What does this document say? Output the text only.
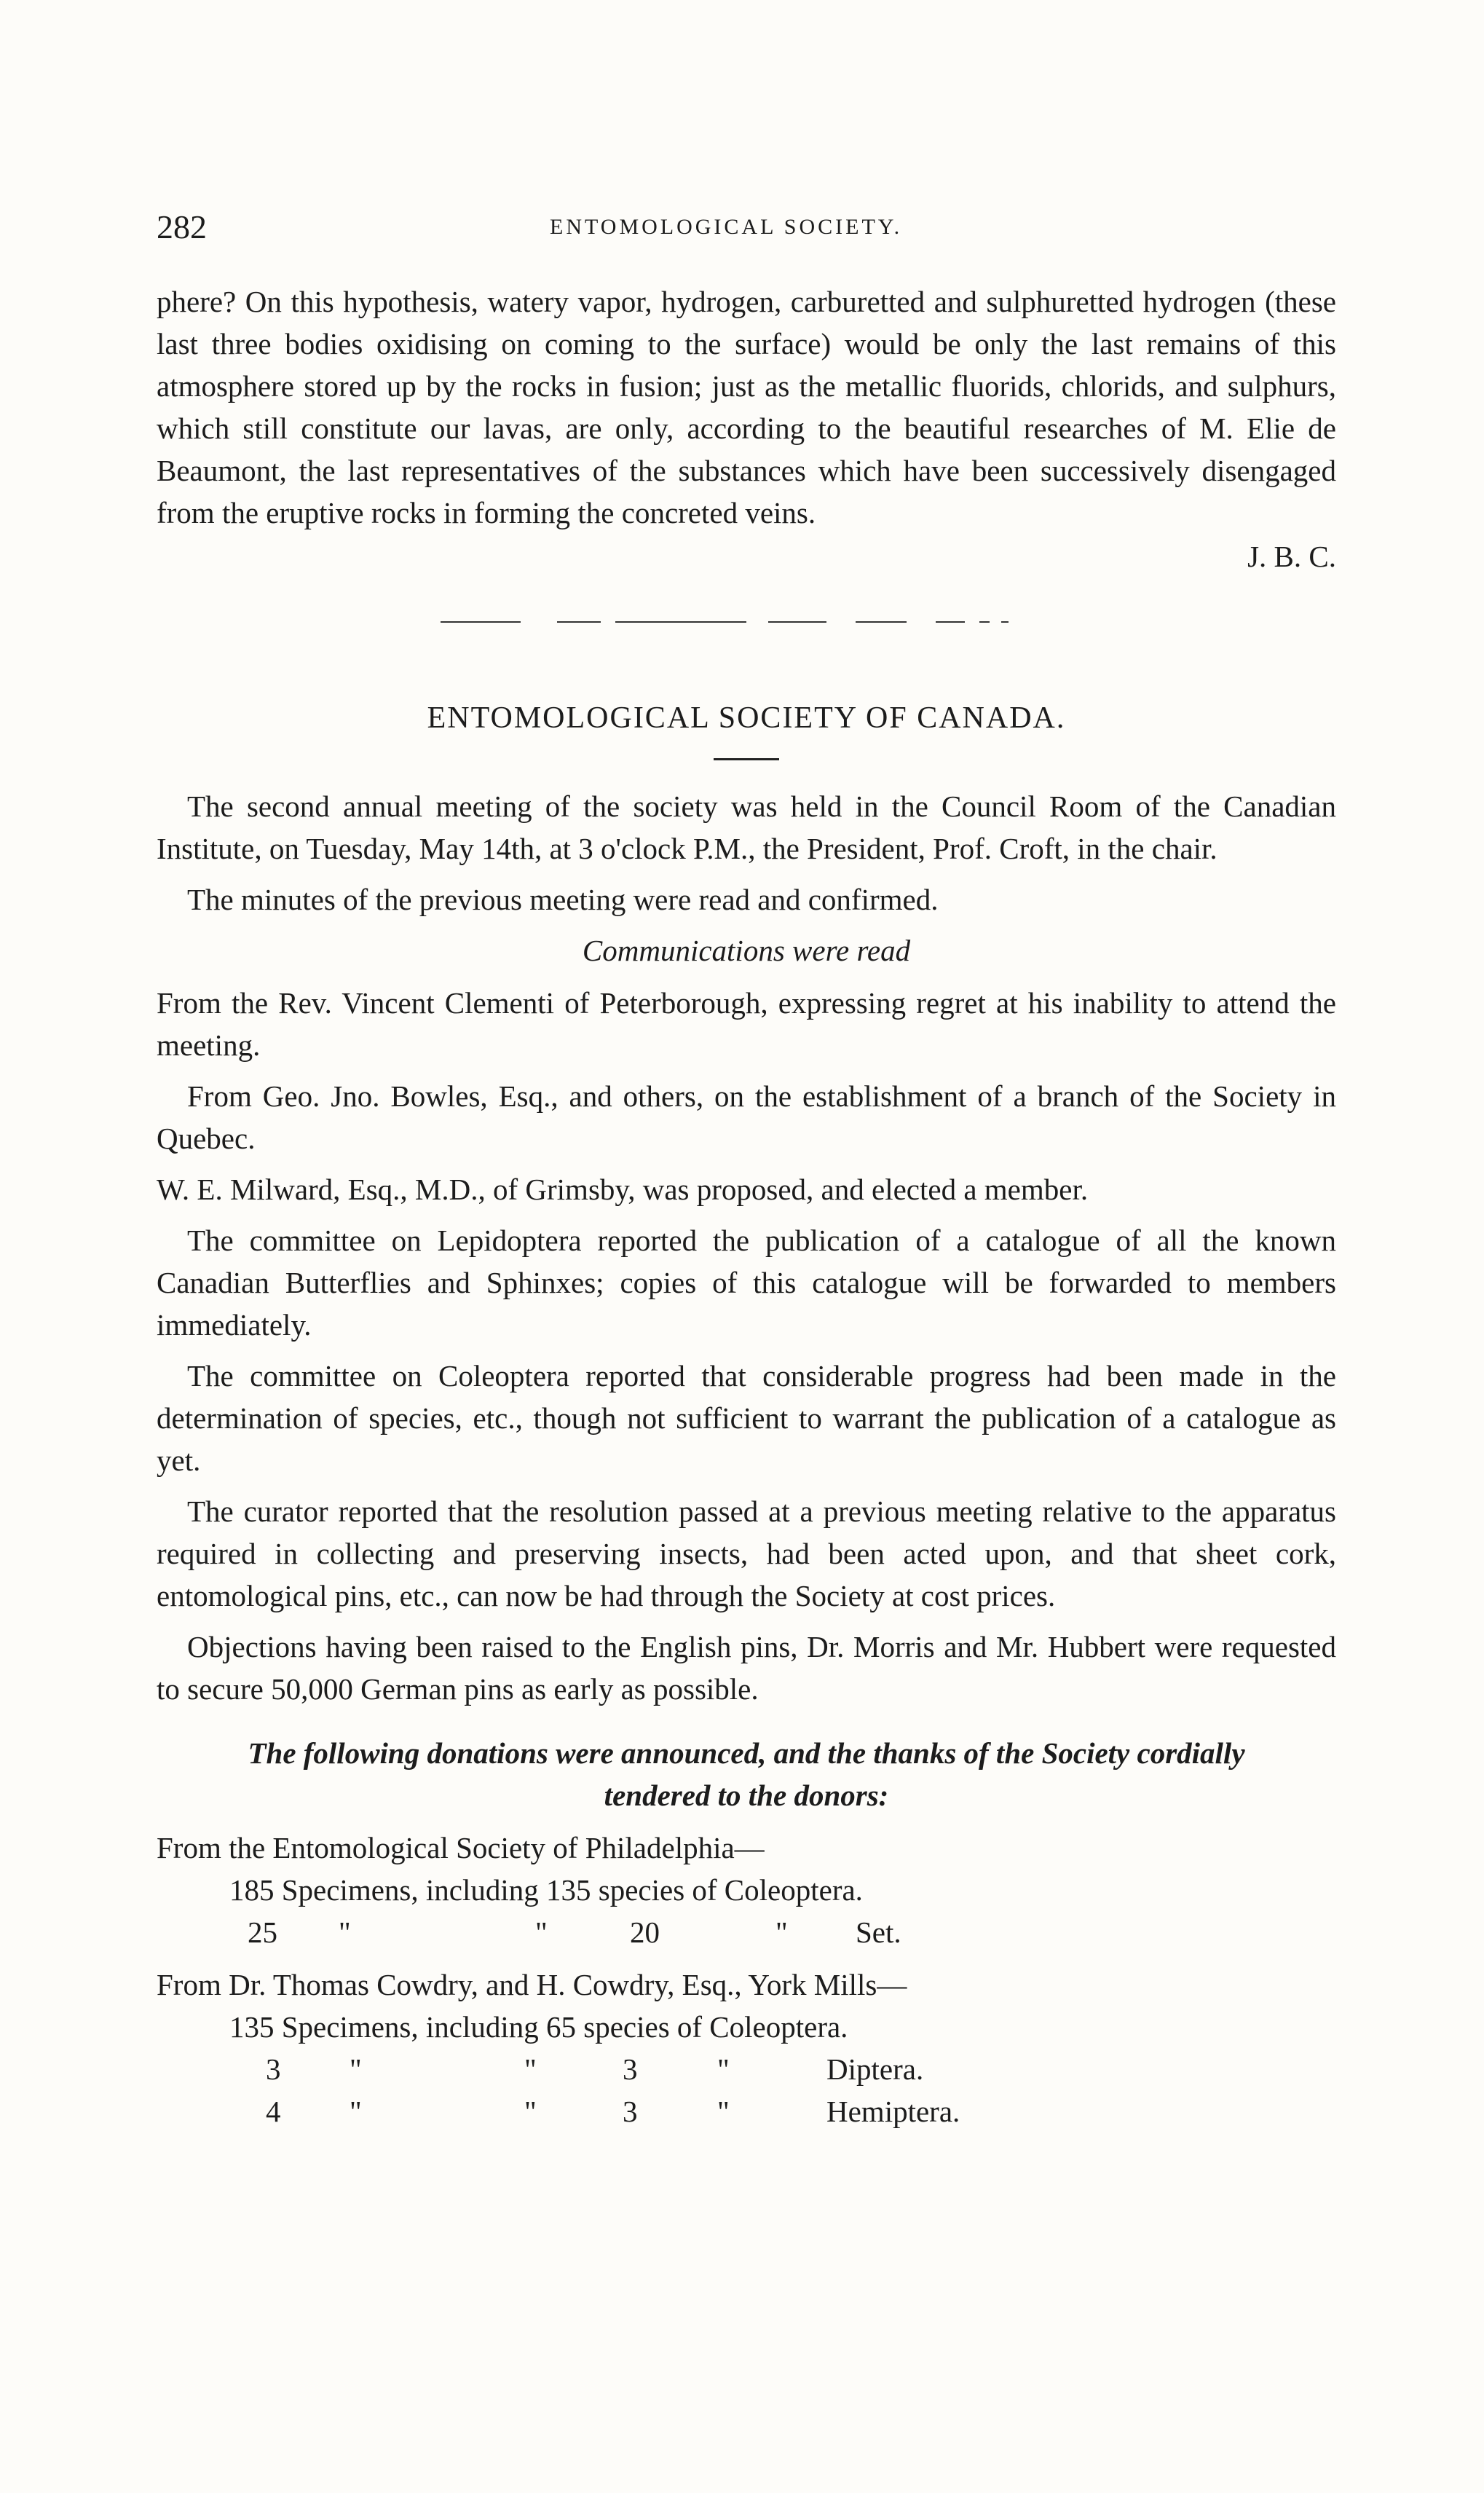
282	ENTOMOLOGICAL SOCIETY.

phere? On this hypothesis, watery vapor, hydrogen, carburetted and sulphuretted hydrogen (these last three bodies oxidising on coming to the surface) would be only the last remains of this atmosphere stored up by the rocks in fusion; just as the metallic fluorids, chlorids, and sulphurs, which still constitute our lavas, are only, according to the beautiful researches of M. Elie de Beaumont, the last representatives of the substances which have been successively disengaged from the eruptive rocks in forming the concreted veins.

J. B. C.

ENTOMOLOGICAL SOCIETY OF CANADA.

The second annual meeting of the society was held in the Council Room of the Canadian Institute, on Tuesday, May 14th, at 3 o'clock P.M., the President, Prof. Croft, in the chair.

The minutes of the previous meeting were read and confirmed.

Communications were read

From the Rev. Vincent Clementi of Peterborough, expressing regret at his inability to attend the meeting.

From Geo. Jno. Bowles, Esq., and others, on the establishment of a branch of the Society in Quebec.

W. E. Milward, Esq., M.D., of Grimsby, was proposed, and elected a member.

The committee on Lepidoptera reported the publication of a catalogue of all the known Canadian Butterflies and Sphinxes; copies of this catalogue will be forwarded to members immediately.

The committee on Coleoptera reported that considerable progress had been made in the determination of species, etc., though not sufficient to warrant the publication of a catalogue as yet.

The curator reported that the resolution passed at a previous meeting relative to the apparatus required in collecting and preserving insects, had been acted upon, and that sheet cork, entomological pins, etc., can now be had through the Society at cost prices.

Objections having been raised to the English pins, Dr. Morris and Mr. Hubbert were requested to secure 50,000 German pins as early as possible.

The following donations were announced, and the thanks of the Society cordially tendered to the donors:

From the Entomological Society of Philadelphia—

185 Specimens, including 135 species of Coleoptera.
25 "	"	20	" Set.

From Dr. Thomas Cowdry, and H. Cowdry, Esq., York Mills—

135 Specimens, including 65 species of Coleoptera.
3 "	"	3	"	Diptera.
4 "	"	3	"	Hemiptera.
